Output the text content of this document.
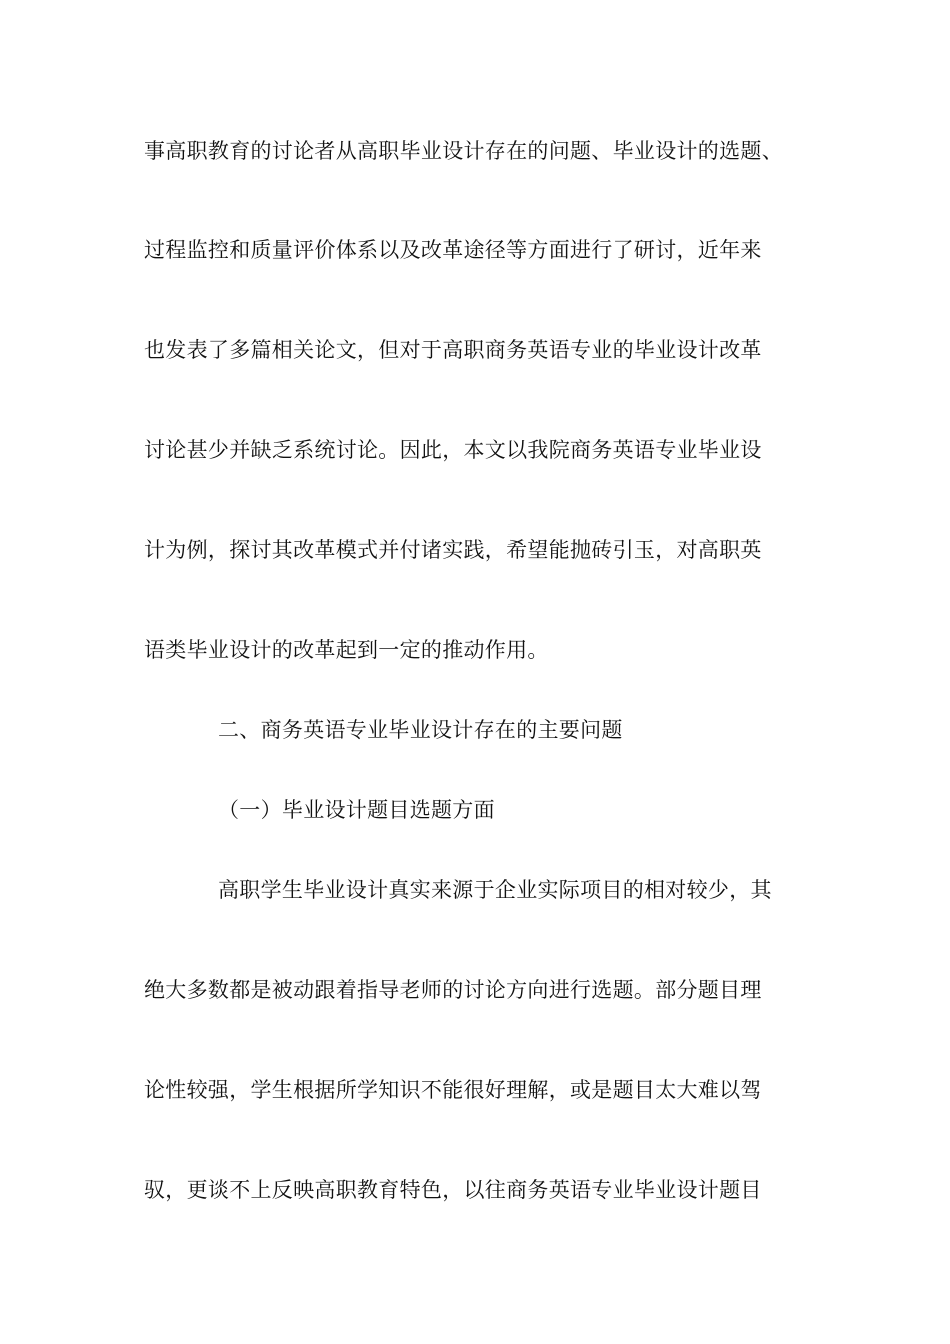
事高职教育的讨论者从高职毕业设计存在的问题、毕业设计的选题、
过程监控和质量评价体系以及改革途径等方面进行了研讨，近年来
也发表了多篇相关论文，但对于高职商务英语专业的毕业设计改革
讨论甚少并缺乏系统讨论。因此，本文以我院商务英语专业毕业设
计为例，探讨其改革模式并付诸实践，希望能抛砖引玉，对高职英
语类毕业设计的改革起到一定的推动作用。
二、商务英语专业毕业设计存在的主要问题
（一）毕业设计题目选题方面
高职学生毕业设计真实来源于企业实际项目的相对较少，其
绝大多数都是被动跟着指导老师的讨论方向进行选题。部分题目理
论性较强，学生根据所学知识不能很好理解，或是题目太大难以驾
驭，更谈不上反映高职教育特色，以往商务英语专业毕业设计题目
